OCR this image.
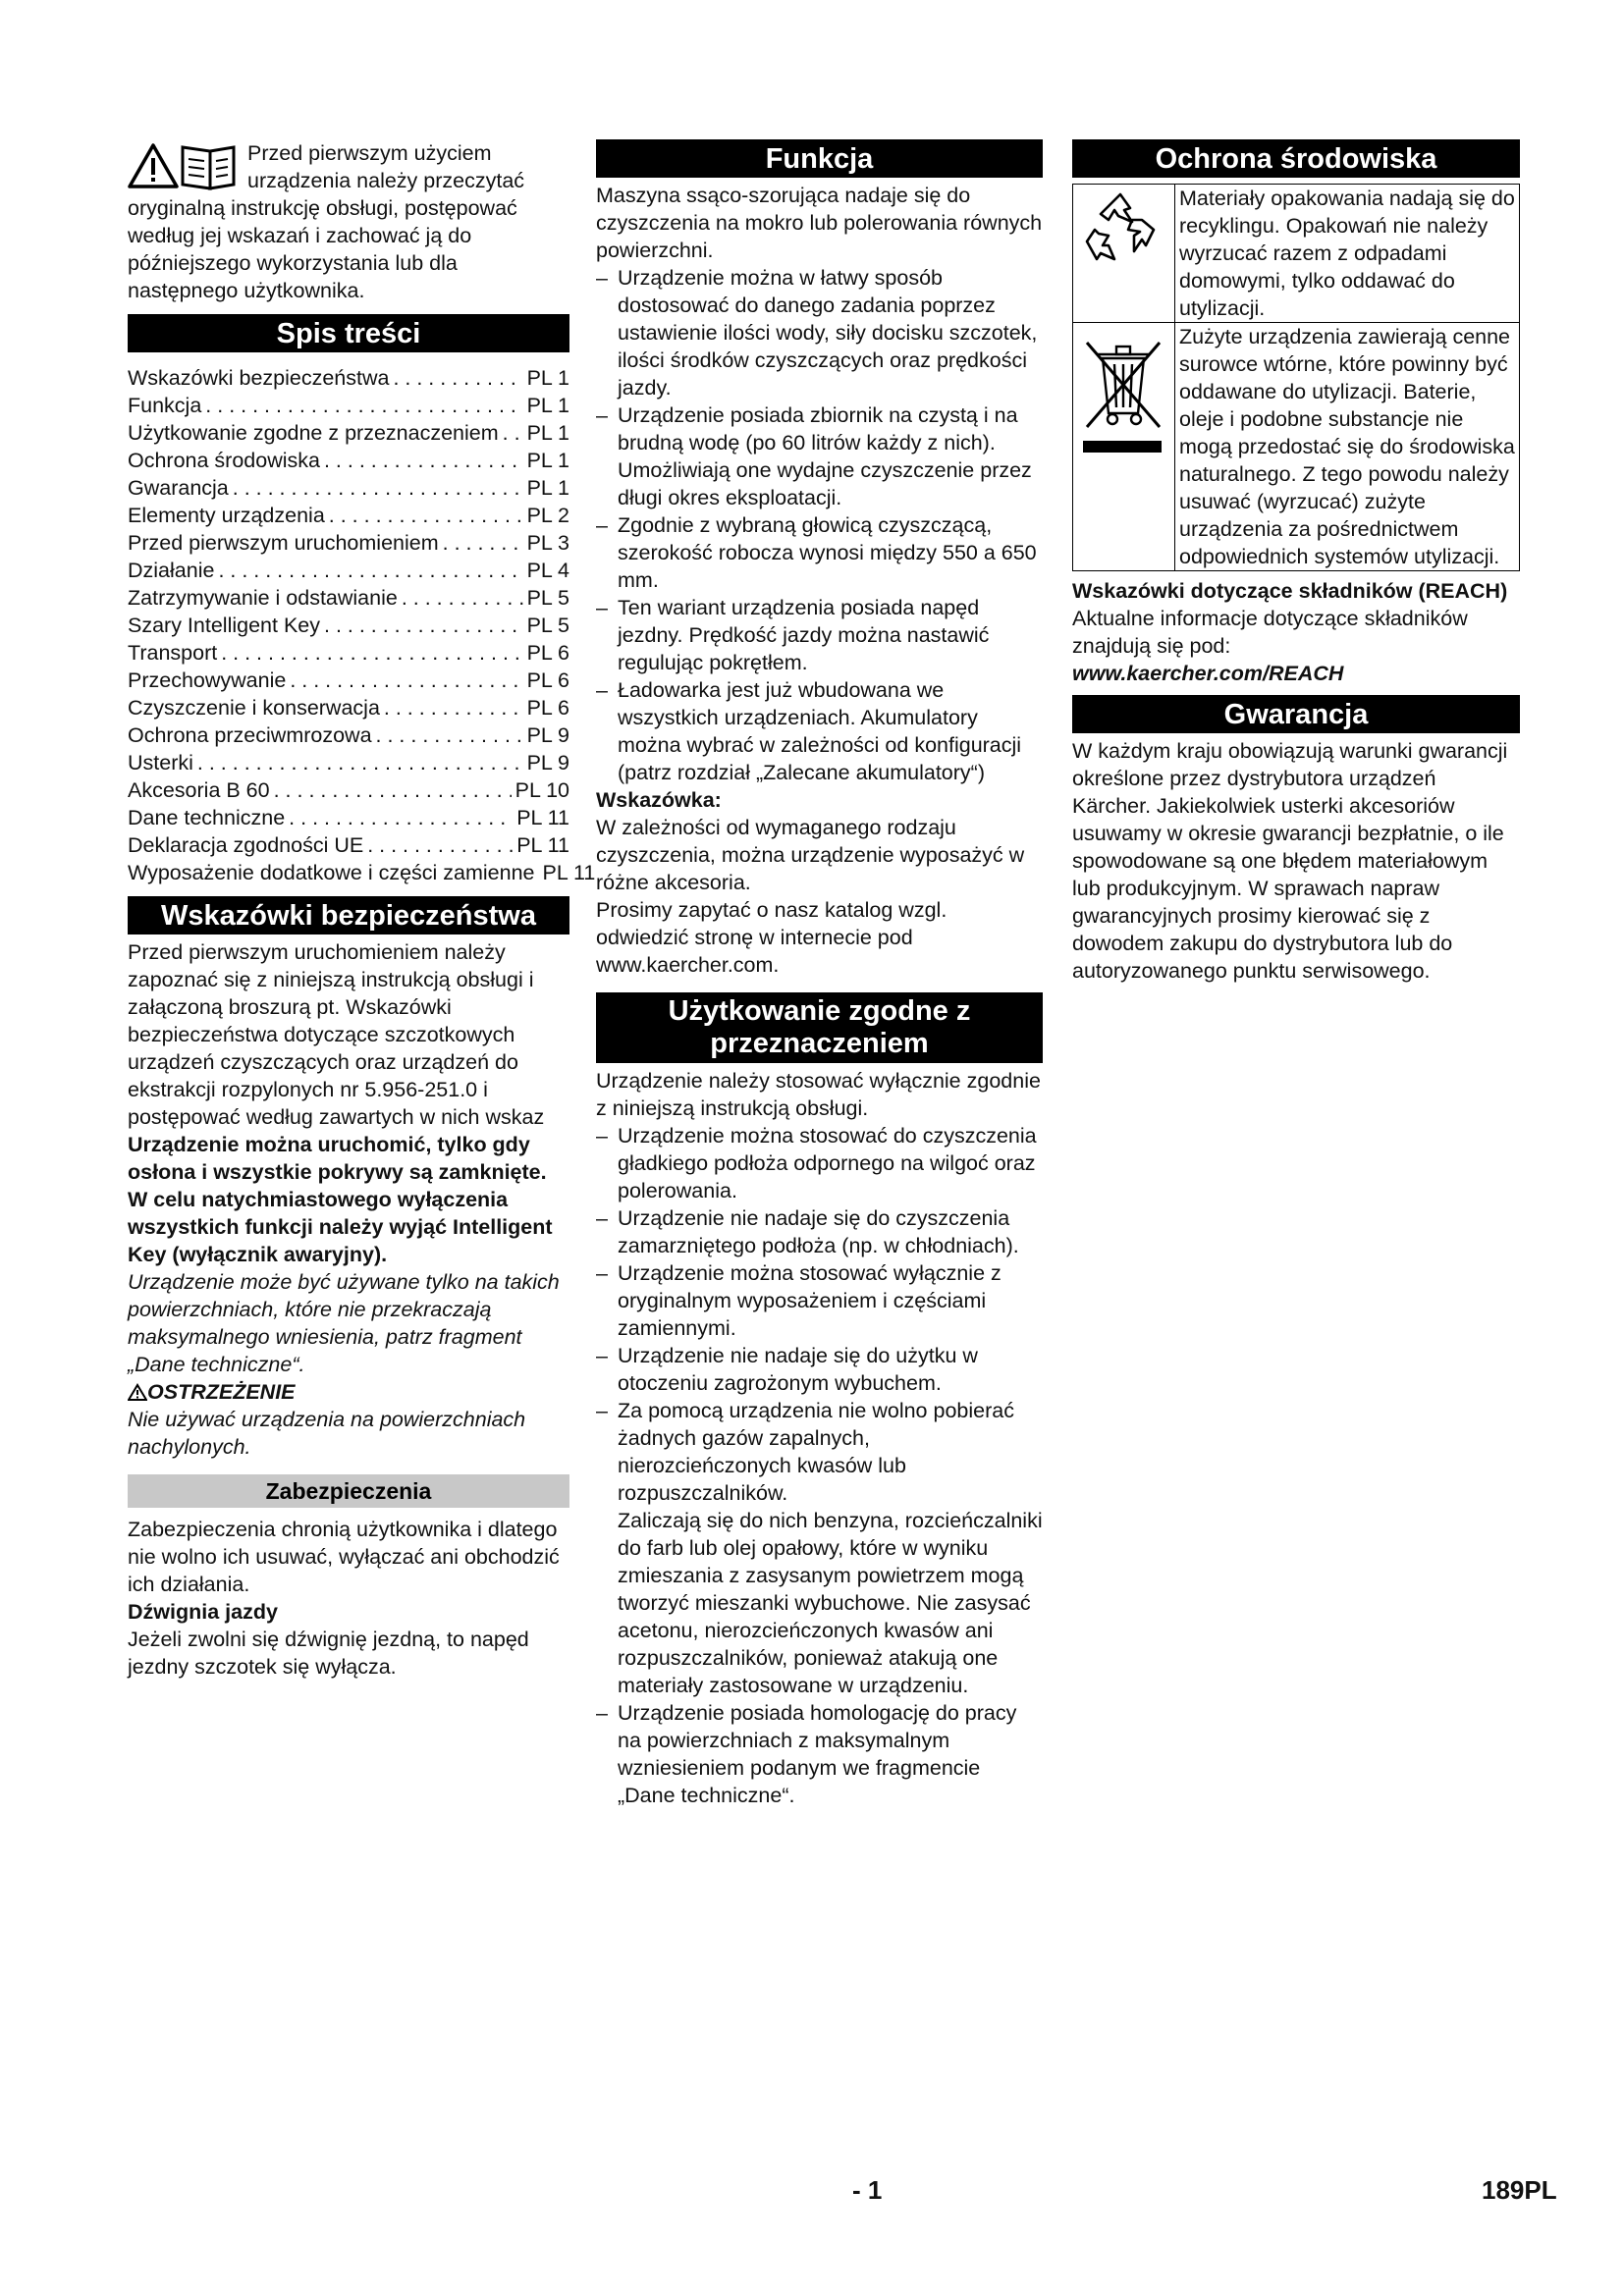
Przed pierwszym użyciem urządzenia należy przeczytać oryginalną instrukcję obsługi, postępować według jej wskazań i zachować ją do późniejszego wykorzystania lub dla następnego użytkownika.

Spis treści
Wskazówki bezpieczeństwa . . .	PL 1
Funkcja . . .	PL 1
Użytkowanie zgodne z przeznaczeniem . . . PL 1
Ochrona środowiska . . .	PL 1
Gwarancja . . .	PL 1
Elementy urządzenia . . .	PL 2
Przed pierwszym uruchomieniem . . .	PL 3
Działanie . . .	PL 4
Zatrzymywanie i odstawianie . . .	PL 5
Szary Intelligent Key . . .	PL 5
Transport . . .	PL 6
Przechowywanie . . .	PL 6
Czyszczenie i konserwacja . . .	PL 6
Ochrona przeciwmrozowa . . .	PL 9
Usterki . . .	PL 9
Akcesoria B 60 . . .	PL 10
Dane techniczne . . .	PL 11
Deklaracja zgodności UE . . .	PL 11
Wyposażenie dodatkowe i części zamienne PL 11
Wskazówki bezpieczeństwa

Przed pierwszym uruchomieniem należy zapoznać się z niniejszą instrukcją obsługi i załączoną broszurą pt. Wskazówki bezpieczeństwa dotyczące szczotkowych urządzeń czyszczących oraz urządzeń do ekstrakcji rozpylonych nr 5.956-251.0 i postępować według zawartych w nich wskaz

Urządzenie można uruchomić, tylko gdy osłona i wszystkie pokrywy są zamknięte.

W celu natychmiastowego wyłączenia wszystkich funkcji należy wyjąć Intelligent Key (wyłącznik awaryjny).

Urządzenie może być używane tylko na takich powierzchniach, które nie przekraczają maksymalnego wniesienia, patrz fragment „Dane techniczne“.

OSTRZEŻENIE

Nie używać urządzenia na powierzchniach nachylonych.

Zabezpieczenia

Zabezpieczenia chronią użytkownika i dlatego nie wolno ich usuwać, wyłączać ani obchodzić ich działania.

Dźwignia jazdy

Jeżeli zwolni się dźwignię jezdną, to napęd jezdny szczotek się wyłącza.

Funkcja

Maszyna ssąco-szorująca nadaje się do czyszczenia na mokro lub polerowania równych powierzchni.

– Urządzenie można w łatwy sposób dostosować do danego zadania poprzez ustawienie ilości wody, siły docisku szczotek, ilości środków czyszczących oraz prędkości jazdy.
– Urządzenie posiada zbiornik na czystą i na brudną wodę (po 60 litrów każdy z nich). Umożliwiają one wydajne czyszczenie przez długi okres eksploatacji.
– Zgodnie z wybraną głowicą czyszczącą, szerokość robocza wynosi między 550 a 650 mm.
– Ten wariant urządzenia posiada napęd jezdny. Prędkość jazdy można nastawić regulując pokrętłem.
– Ładowarka jest już wbudowana we wszystkich urządzeniach. Akumulatory można wybrać w zależności od konfiguracji (patrz rozdział „Zalecane akumulatory“)

Wskazówka:

W zależności od wymaganego rodzaju czyszczenia, można urządzenie wyposażyć w różne akcesoria.

Prosimy zapytać o nasz katalog wzgl. odwiedzić stronę w internecie pod www.kaercher.com.

Użytkowanie zgodne z
przeznaczeniem

Urządzenie należy stosować wyłącznie zgodnie z niniejszą instrukcją obsługi.

– Urządzenie można stosować do czyszczenia gładkiego podłoża odpornego na wilgoć oraz polerowania.
– Urządzenie nie nadaje się do czyszczenia zamarzniętego podłoża (np. w chłodniach).
– Urządzenie można stosować wyłącznie z oryginalnym wyposażeniem i częściami zamiennymi.
– Urządzenie nie nadaje się do użytku w otoczeniu zagrożonym wybuchem.
– Za pomocą urządzenia nie wolno pobierać żadnych gazów zapalnych, nierozcieńczonych kwasów lub rozpuszczalników.

Zaliczają się do nich benzyna, rozcieńczalniki do farb lub olej opałowy, które w wyniku zmieszania z zasysanym powietrzem mogą tworzyć mieszanki wybuchowe. Nie zasysać acetonu, nierozcieńczonych kwasów ani rozpuszczalników, ponieważ atakują one materiały zastosowane w urządzeniu.

– Urządzenie posiada homologację do pracy na powierzchniach z maksymalnym wzniesieniem podanym we fragmencie „Dane techniczne“.
Ochrona środowiska
	Materiały opakowania nadają się do recyklingu. Opakowań nie należy wyrzucać razem z odpadami domowymi, tylko oddawać do utylizacji.
	Zużyte urządzenia zawierają cenne surowce wtórne, które powinny być oddawane do utylizacji. Baterie, oleje i podobne substancje nie mogą przedostać się do środowiska naturalnego. Z tego powodu należy usuwać (wyrzucać) zużyte urządzenia za pośrednictwem odpowiednich systemów utylizacji.

Wskazówki dotyczące składników (REACH)

Aktualne informacje dotyczące składników znajdują się pod:

www.kaercher.com/REACH

Gwarancja

W każdym kraju obowiązują warunki gwarancji określone przez dystrybutora urządzeń Kärcher. Jakiekolwiek usterki akcesoriów usuwamy w okresie gwarancji bezpłatnie, o ile spowodowane są one błędem materiałowym lub produkcyjnym. W sprawach napraw gwarancyjnych prosimy kierować się z dowodem zakupu do dystrybutora lub do autoryzowanego punktu serwisowego.

- 1	189PL
